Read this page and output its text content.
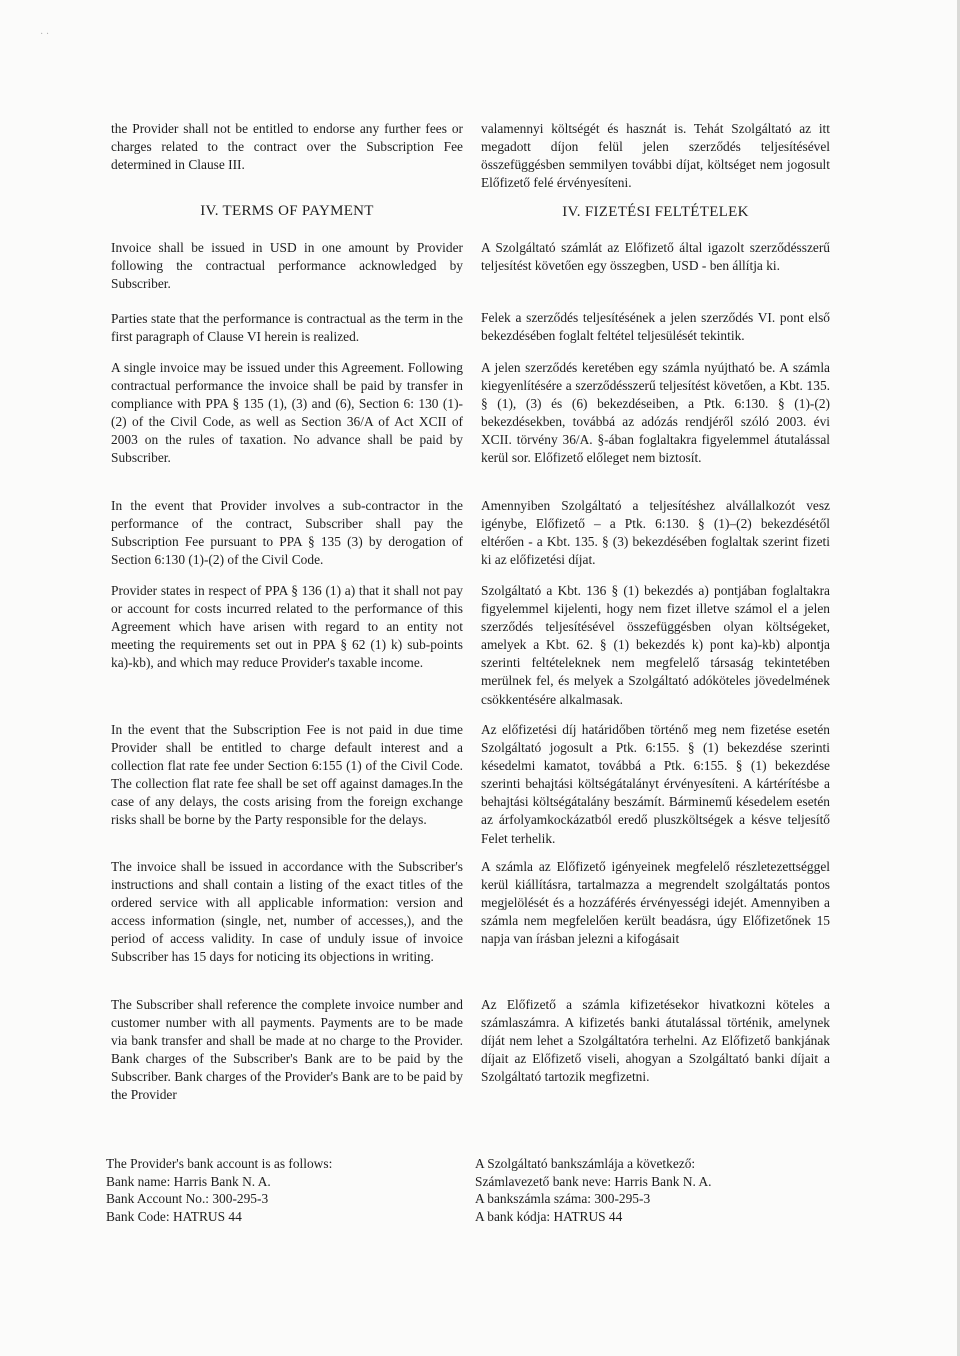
· ·

the Provider shall not be entitled to endorse any further fees or charges related to the contract over the Subscription Fee determined in Clause III.

IV. TERMS OF PAYMENT

Invoice shall be issued in USD in one amount by Provider following the contractual performance acknowledged by Subscriber.

Parties state that the performance is contractual as the term in the first paragraph of Clause VI herein is realized.

A single invoice may be issued under this Agreement. Following contractual performance the invoice shall be paid by transfer in compliance with PPA § 135 (1), (3) and (6), Section 6: 130 (1)-(2) of the Civil Code, as well as Section 36/A of Act XCII of 2003 on the rules of taxation. No advance shall be paid by Subscriber.

In the event that Provider involves a sub-contractor in the performance of the contract, Subscriber shall pay the Subscription Fee pursuant to PPA § 135 (3) by derogation of Section 6:130 (1)-(2) of the Civil Code.

Provider states in respect of PPA § 136 (1) a) that it shall not pay or account for costs incurred related to the performance of this Agreement which have arisen with regard to an entity not meeting the requirements set out in PPA § 62 (1) k) sub-points ka)-kb), and which may reduce Provider's taxable income.

In the event that the Subscription Fee is not paid in due time Provider shall be entitled to charge default interest and a collection flat rate fee under Section 6:155 (1) of the Civil Code. The collection flat rate fee shall be set off against damages.In the case of any delays, the costs arising from the foreign exchange risks shall be borne by the Party responsible for the delays.

The invoice shall be issued in accordance with the Subscriber's instructions and shall contain a listing of the exact titles of the ordered service with all applicable information: version and access information (single, net, number of accesses,), and the period of access validity. In case of unduly issue of invoice Subscriber has 15 days for noticing its objections in writing.

The Subscriber shall reference the complete invoice number and customer number with all payments. Payments are to be made via bank transfer and shall be made at no charge to the Provider. Bank charges of the Subscriber's Bank are to be paid by the Subscriber. Bank charges of the Provider's Bank are to be paid by the Provider

The Provider's bank account is as follows:
Bank name: Harris Bank N. A.
Bank Account No.: 300-295-3
Bank Code: HATRUS 44

valamennyi költségét és hasznát is. Tehát Szolgáltató az itt megadott díjon felül jelen szerződés teljesítésével összefüggésben semmilyen további díjat, költséget nem jogosult Előfizető felé érvényesíteni.

IV. FIZETÉSI FELTÉTELEK

A Szolgáltató számlát az Előfizető által igazolt szerződésszerű teljesítést követően egy összegben, USD - ben állítja ki.

Felek a szerződés teljesítésének a jelen szerződés VI. pont első bekezdésében foglalt feltétel teljesülését tekintik.

A jelen szerződés keretében egy számla nyújtható be. A számla kiegyenlítésére a szerződésszerű teljesítést követően, a Kbt. 135. § (1), (3) és (6) bekezdéseiben, a Ptk. 6:130. § (1)-(2) bekezdésekben, továbbá az adózás rendjéről szóló 2003. évi XCII. törvény 36/A. §-ában foglaltakra figyelemmel átutalással kerül sor. Előfizető előleget nem biztosít.

Amennyiben Szolgáltató a teljesítéshez alvállalkozót vesz igénybe, Előfizető – a Ptk. 6:130. § (1)–(2) bekezdésétől eltérően - a Kbt. 135. § (3) bekezdésében foglaltak szerint fizeti ki az előfizetési díjat.

Szolgáltató a Kbt. 136 § (1) bekezdés a) pontjában foglaltakra figyelemmel kijelenti, hogy nem fizet illetve számol el a jelen szerződés teljesítésével összefüggésben olyan költségeket, amelyek a Kbt. 62. § (1) bekezdés k) pont ka)-kb) alpontja szerinti feltételeknek nem megfelelő társaság tekintetében merülnek fel, és melyek a Szolgáltató adóköteles jövedelmének csökkentésére alkalmasak.

Az előfizetési díj határidőben történő meg nem fizetése esetén Szolgáltató jogosult a Ptk. 6:155. § (1) bekezdése szerinti késedelmi kamatot, továbbá a Ptk. 6:155. § (1) bekezdése szerinti behajtási költségátalányt érvényesíteni. A kártérítésbe a behajtási költségátalány beszámít. Bárminemű késedelem esetén az árfolyamkockázatból eredő pluszköltségek a késve teljesítő Felet terhelik.

A számla az Előfizető igényeinek megfelelő részletezettséggel kerül kiállításra, tartalmazza a megrendelt szolgáltatás pontos megjelölését és a hozzáférés érvényességi idejét. Amennyiben a számla nem megfelelően került beadásra, úgy Előfizetőnek 15 napja van írásban jelezni a kifogásait

Az Előfizető a számla kifizetésekor hivatkozni köteles a számlaszámra. A kifizetés banki átutalással történik, amelynek díját nem lehet a Szolgáltatóra terhelni. Az Előfizető bankjának díjait az Előfizető viseli, ahogyan a Szolgáltató banki díjait a Szolgáltató tartozik megfizetni.

A Szolgáltató bankszámlája a következő:
Számlavezető bank neve: Harris Bank N. A.
A bankszámla száma: 300-295-3
A bank kódja: HATRUS 44
